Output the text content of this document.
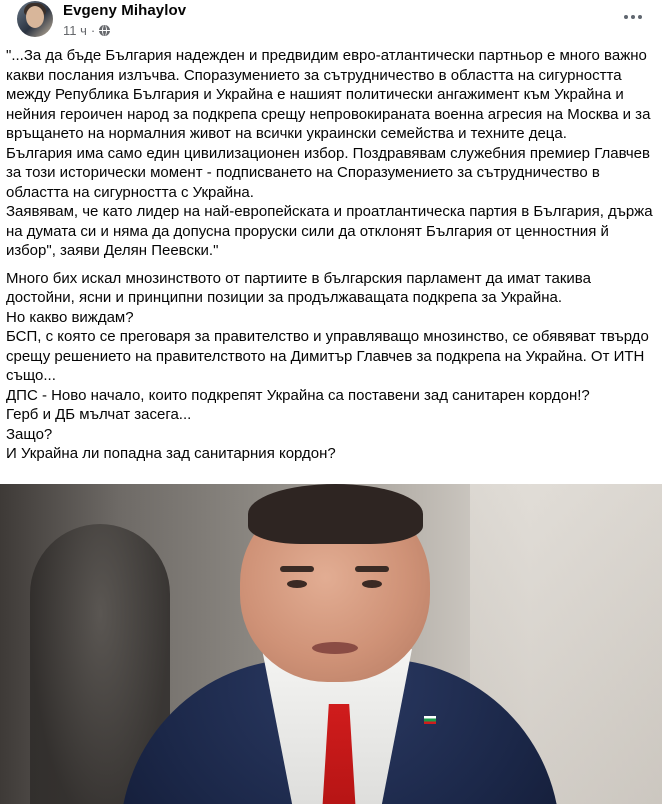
Evgeny Mihaylov
11 ч ·

"...За да бъде България надежден и предвидим евро-атлантически партньор е много важно

какви послания излъчва. Споразумението за сътрудничество в областта на сигурността

между Република България и Украйна е нашият политически ангажимент към Украйна и

нейния героичен народ за подкрепа срещу непровокираната военна агресия на Москва и за

връщането на нормалния живот на всички украински семейства и техните деца.

България има само един цивилизационен избор. Поздравявам служебния премиер Главчев

за този исторически момент - подписването на Споразумението за сътрудничество в

областта на сигурността с Украйна.

Заявявам, че като лидер на най-европейската и проатлантическа партия в България, държа

на думата си и няма да допусна проруски сили да отклонят България от ценностния й

избор", заяви Делян Пеевски."

Много бих искал мнозинството от партиите в българския парламент да имат такива

достойни, ясни и принципни позиции за продължаващата подкрепа за Украйна.

Но какво виждам?

БСП, с която се преговаря за правителство и управляващо мнозинство, се обявяват твърдо

срещу решението на правителството на Димитър Главчев за подкрепа на Украйна. От ИТН

също...

ДПС - Ново начало, които подкрепят Украйна са поставени зад санитарен кордон!?

Герб и ДБ мълчат засега...

Защо?

И Украйна ли попадна зад санитарния кордон?
